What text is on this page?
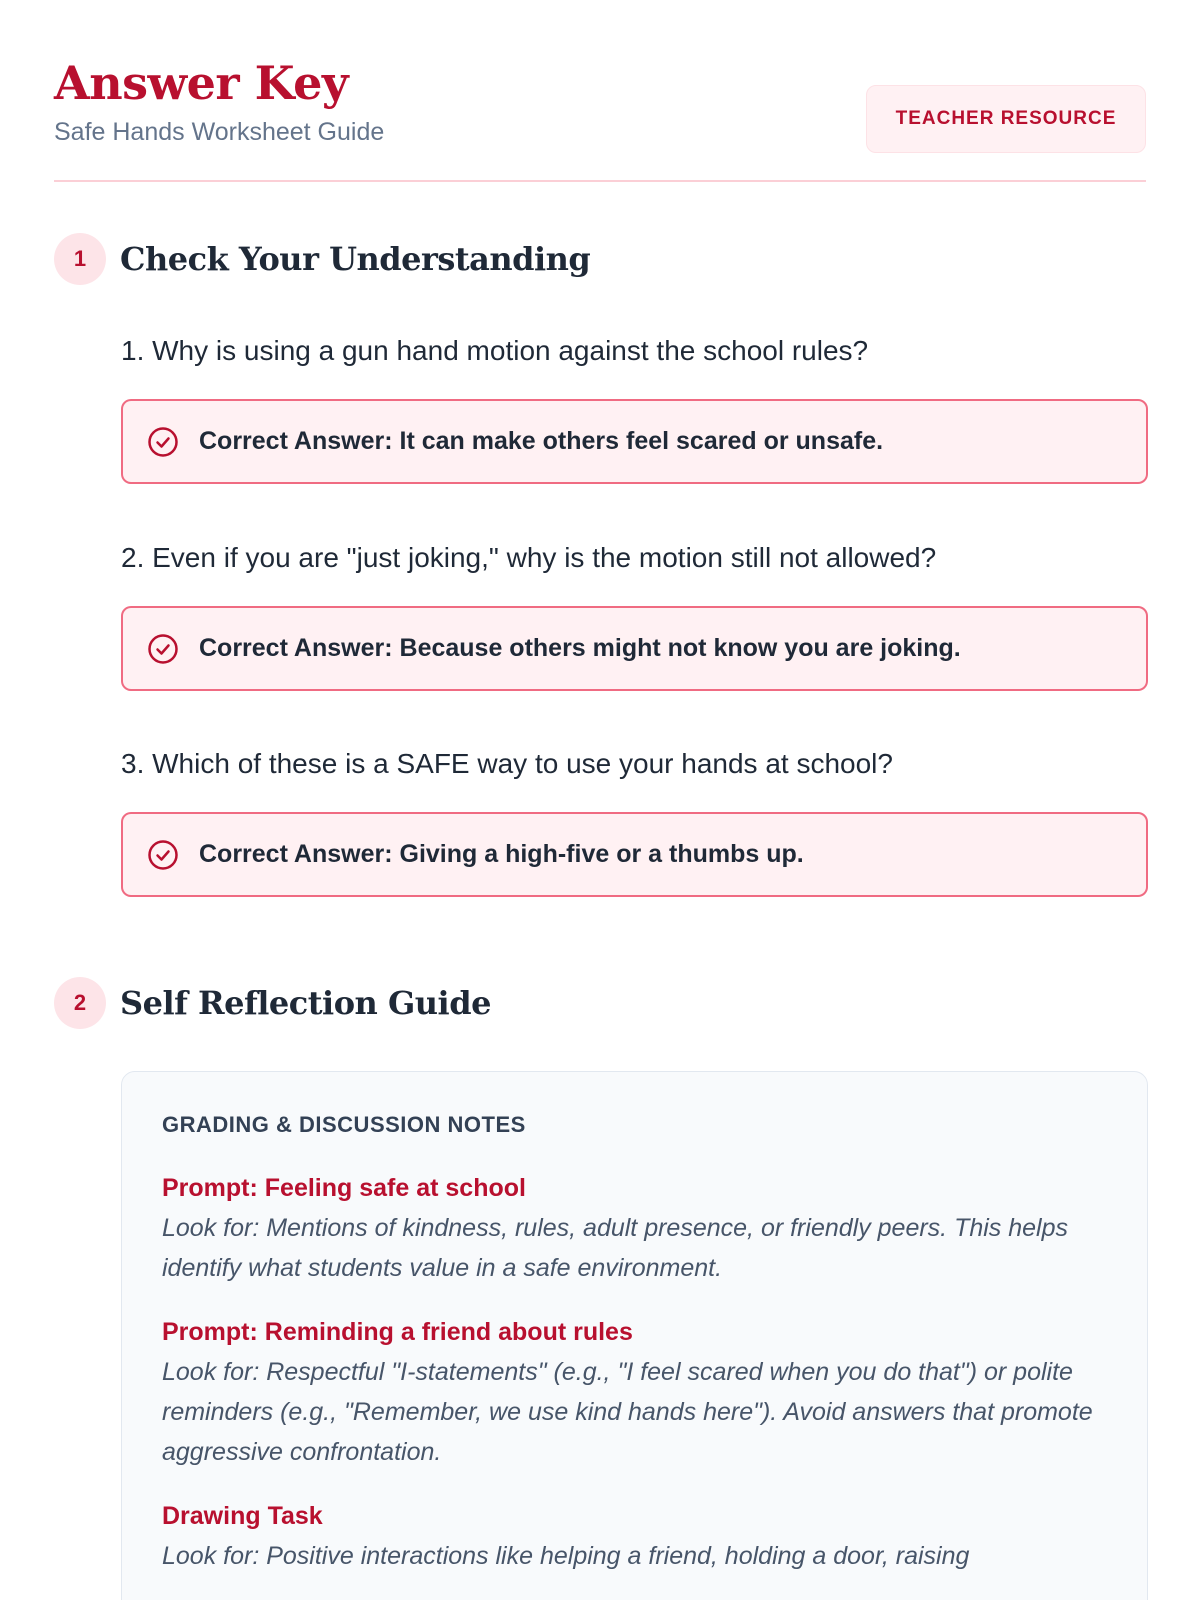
Answer Key
Safe Hands Worksheet Guide	TEACHER RESOURCE
1	Check Your Understanding
1. Why is using a gun hand motion against the school rules?
Correct Answer: It can make others feel scared or unsafe.
2. Even if you are "just joking," why is the motion still not allowed?
Correct Answer: Because others might not know you are joking.
3. Which of these is a SAFE way to use your hands at school?
Correct Answer: Giving a high-five or a thumbs up.
2	Self Reflection Guide
GRADING & DISCUSSION NOTES
Prompt: Feeling safe at school
Look for: Mentions of kindness, rules, adult presence, or friendly peers. This helps identify what students value in a safe environment.
Prompt: Reminding a friend about rules
Look for: Respectful "I-statements" (e.g., "I feel scared when you do that") or polite reminders (e.g., "Remember, we use kind hands here"). Avoid answers that promote aggressive confrontation.
Drawing Task
Look for: Positive interactions like helping a friend, holding a door, raising
